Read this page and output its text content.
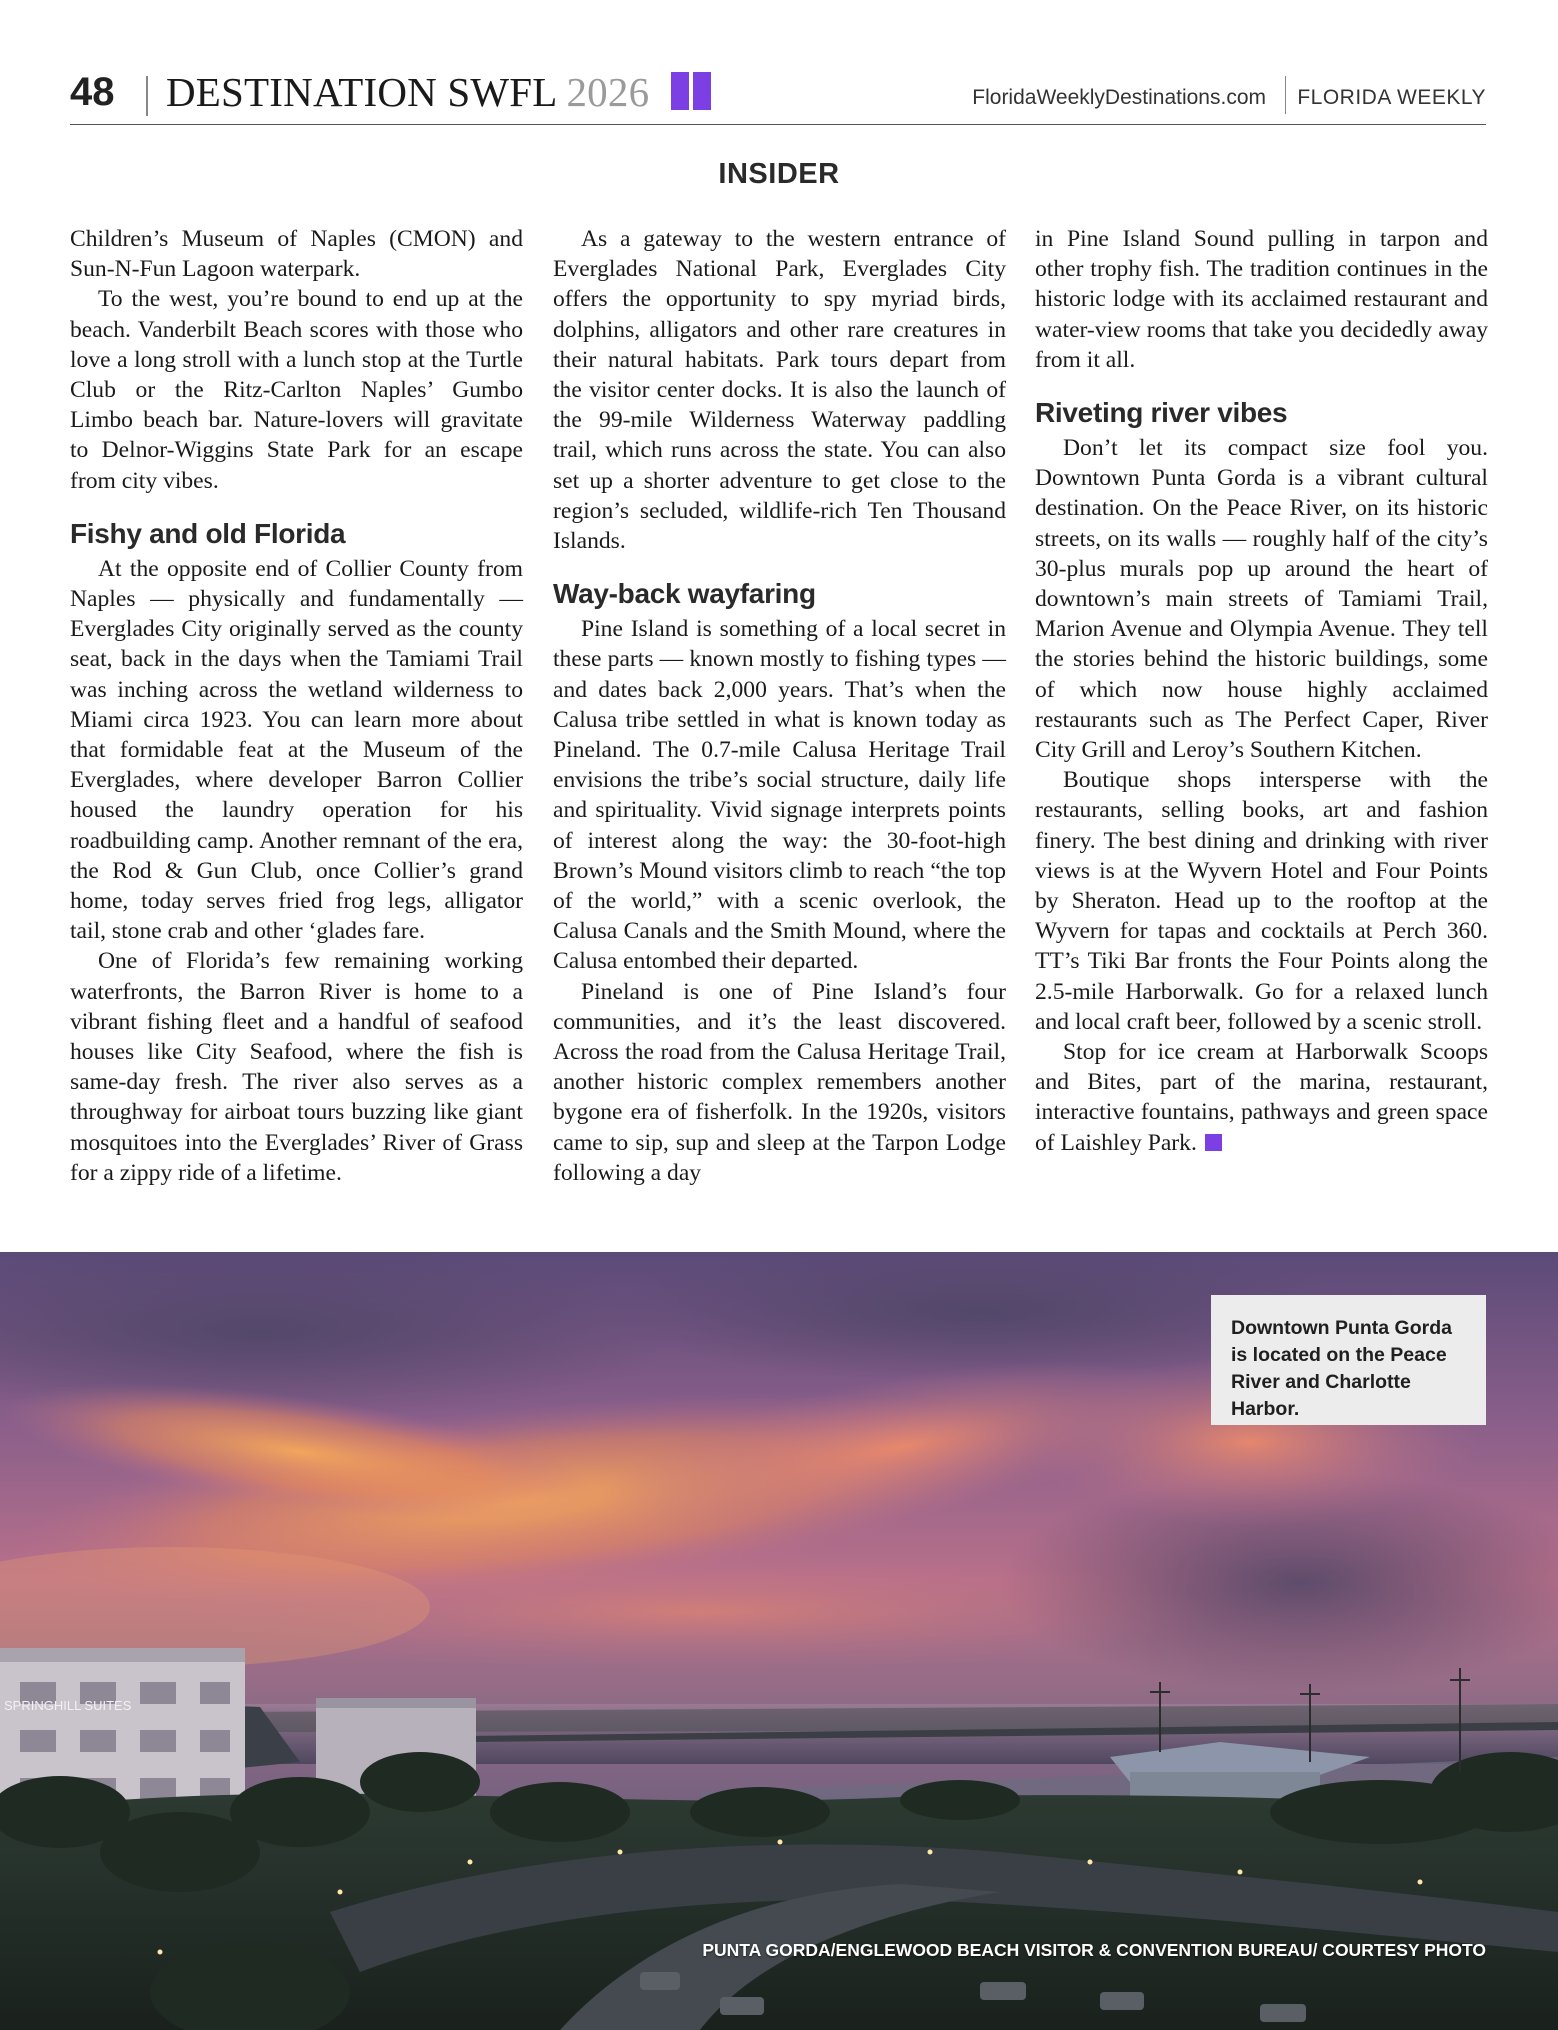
48 DESTINATION SWFL 2026	FloridaWeeklyDestinations.com FLORIDA WEEKLY
INSIDER

Children’s Museum of Naples (CMON) and Sun-N-Fun Lagoon waterpark.

To the west, you’re bound to end up at the beach. Vanderbilt Beach scores with those who love a long stroll with a lunch stop at the Turtle Club or the Ritz-Carlton Naples’ Gumbo Limbo beach bar. Nature-lovers will gravitate to Delnor-Wiggins State Park for an escape from city vibes.

Fishy and old Florida

At the opposite end of Collier County from Naples — physically and fundamentally — Everglades City originally served as the county seat, back in the days when the Tamiami Trail was inching across the wetland wilderness to Miami circa 1923. You can learn more about that formidable feat at the Museum of the Everglades, where developer Barron Collier housed the laundry operation for his roadbuilding camp. Another remnant of the era, the Rod & Gun Club, once Collier’s grand home, today serves fried frog legs, alligator tail, stone crab and other ‘glades fare.

One of Florida’s few remaining working waterfronts, the Barron River is home to a vibrant fishing fleet and a handful of seafood houses like City Seafood, where the fish is same-day fresh. The river also serves as a throughway for airboat tours buzzing like giant mosquitoes into the Everglades’ River of Grass for a zippy ride of a lifetime.

As a gateway to the western entrance of Everglades National Park, Everglades City offers the opportunity to spy myriad birds, dolphins, alligators and other rare creatures in their natural habitats. Park tours depart from the visitor center docks. It is also the launch of the 99-mile Wilderness Waterway paddling trail, which runs across the state. You can also set up a shorter adventure to get close to the region’s secluded, wildlife-rich Ten Thousand Islands.

Way-back wayfaring

Pine Island is something of a local secret in these parts — known mostly to fishing types — and dates back 2,000 years. That’s when the Calusa tribe settled in what is known today as Pineland. The 0.7-mile Calusa Heritage Trail envisions the tribe’s social structure, daily life and spirituality. Vivid signage interprets points of interest along the way: the 30-foot-high Brown’s Mound visitors climb to reach “the top of the world,” with a scenic overlook, the Calusa Canals and the Smith Mound, where the Calusa entombed their departed.

Pineland is one of Pine Island’s four communities, and it’s the least discovered. Across the road from the Calusa Heritage Trail, another historic complex remembers another bygone era of fisherfolk. In the 1920s, visitors came to sip, sup and sleep at the Tarpon Lodge following a day

in Pine Island Sound pulling in tarpon and other trophy fish. The tradition continues in the historic lodge with its acclaimed restaurant and water-view rooms that take you decidedly away from it all.

Riveting river vibes

Don’t let its compact size fool you. Downtown Punta Gorda is a vibrant cultural destination. On the Peace River, on its historic streets, on its walls — roughly half of the city’s 30-plus murals pop up around the heart of downtown’s main streets of Tamiami Trail, Marion Avenue and Olympia Avenue. They tell the stories behind the historic buildings, some of which now house highly acclaimed restaurants such as The Perfect Caper, River City Grill and Leroy’s Southern Kitchen.

Boutique shops intersperse with the restaurants, selling books, art and fashion finery. The best dining and drinking with river views is at the Wyvern Hotel and Four Points by Sheraton. Head up to the rooftop at the Wyvern for tapas and cocktails at Perch 360. TT’s Tiki Bar fronts the Four Points along the 2.5-mile Harborwalk. Go for a relaxed lunch and local craft beer, followed by a scenic stroll.

Stop for ice cream at Harborwalk Scoops and Bites, part of the marina, restaurant, interactive fountains, pathways and green space of Laishley Park.

SPRINGHILL SUITES
Downtown Punta Gorda is located on the Peace River and Charlotte Harbor.
PUNTA GORDA/ENGLEWOOD BEACH VISITOR & CONVENTION BUREAU/ COURTESY PHOTO
